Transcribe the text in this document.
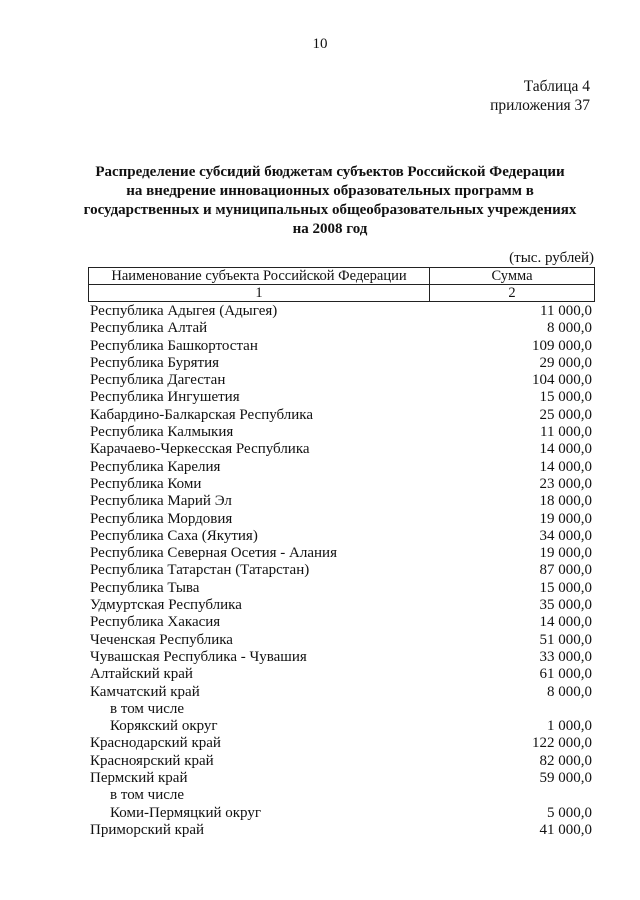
10
Таблица 4
приложения 37
Распределение субсидий бюджетам субъектов Российской Федерации
на внедрение инновационных образовательных программ в
государственных и муниципальных общеобразовательных учреждениях
на 2008 год
(тыс. рублей)
Наименование субъекта Российской Федерации	Сумма
1	2
Республика Адыгея (Адыгея)	11 000,0
Республика Алтай	8 000,0
Республика Башкортостан	109 000,0
Республика Бурятия	29 000,0
Республика Дагестан	104 000,0
Республика Ингушетия	15 000,0
Кабардино-Балкарская Республика	25 000,0
Республика Калмыкия	11 000,0
Карачаево-Черкесская Республика	14 000,0
Республика Карелия	14 000,0
Республика Коми	23 000,0
Республика Марий Эл	18 000,0
Республика Мордовия	19 000,0
Республика Саха (Якутия)	34 000,0
Республика Северная Осетия - Алания	19 000,0
Республика Татарстан (Татарстан)	87 000,0
Республика Тыва	15 000,0
Удмуртская Республика	35 000,0
Республика Хакасия	14 000,0
Чеченская Республика	51 000,0
Чувашская Республика - Чувашия	33 000,0
Алтайский край	61 000,0
Камчатский край	8 000,0
в том числе
Корякский округ	1 000,0
Краснодарский край	122 000,0
Красноярский край	82 000,0
Пермский край	59 000,0
в том числе
Коми-Пермяцкий округ	5 000,0
Приморский край	41 000,0
